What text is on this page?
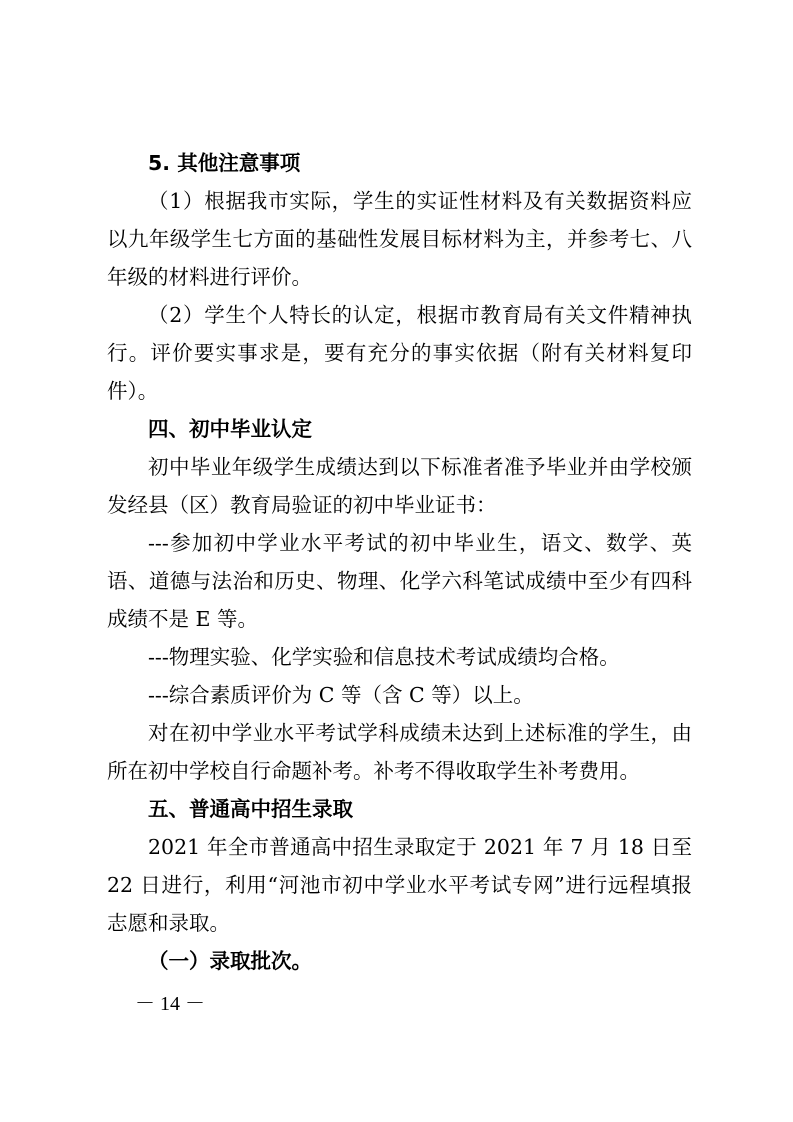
5. 其他注意事项

（1）根据我市实际，学生的实证性材料及有关数据资料应以九年级学生七方面的基础性发展目标材料为主，并参考七、八年级的材料进行评价。

（2）学生个人特长的认定，根据市教育局有关文件精神执行。评价要实事求是，要有充分的事实依据（附有关材料复印件）。

四、初中毕业认定

初中毕业年级学生成绩达到以下标准者准予毕业并由学校颁发经县（区）教育局验证的初中毕业证书：

---参加初中学业水平考试的初中毕业生，语文、数学、英语、道德与法治和历史、物理、化学六科笔试成绩中至少有四科成绩不是 E 等。

---物理实验、化学实验和信息技术考试成绩均合格。

---综合素质评价为 C 等（含 C 等）以上。

对在初中学业水平考试学科成绩未达到上述标准的学生，由所在初中学校自行命题补考。补考不得收取学生补考费用。

五、普通高中招生录取

2021 年全市普通高中招生录取定于 2021 年 7 月 18 日至 22 日进行，利用“河池市初中学业水平考试专网”进行远程填报志愿和录取。

（一）录取批次。

－ 14 －
